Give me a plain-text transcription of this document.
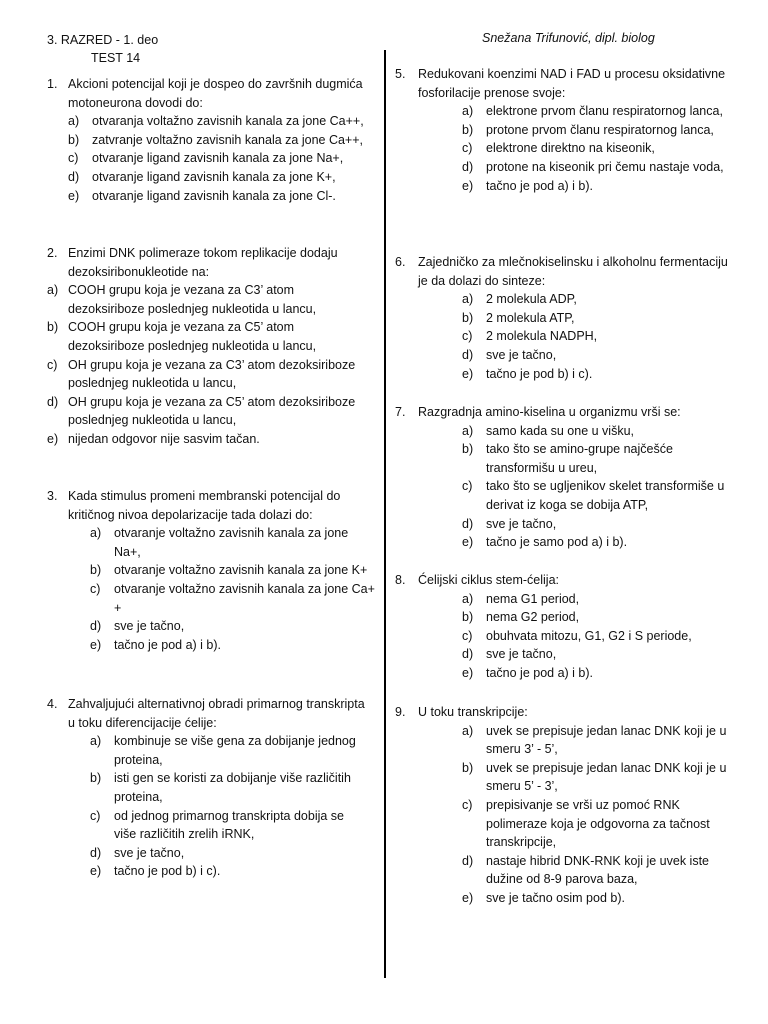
3. RAZRED - 1. deo
TEST 14
Snežana Trifunović, dipl. biolog
1. Akcioni potencijal koji je dospeo do završnih dugmića motoneurona dovodi do:
a)	otvaranja voltažno zavisnih kanala za jone Ca++,
b)	zatvranje voltažno zavisnih kanala za jone Ca++,
c)	otvaranje ligand zavisnih kanala za jone Na+,
d)	otvaranje ligand zavisnih kanala za jone K+,
e)	otvaranje ligand zavisnih kanala za jone Cl-.
2. Enzimi DNK polimeraze tokom replikacije dodaju dezoksiribonukleotide na:
a) COOH grupu koja je vezana za C3’ atom dezoksiriboze poslednjeg nukleotida u lancu,
b) COOH grupu koja je vezana za C5’ atom dezoksiriboze poslednjeg nukleotida u lancu,
c) OH grupu koja je vezana za C3’ atom dezoksiriboze poslednjeg nukleotida u lancu,
d) OH grupu koja je vezana za C5’ atom dezoksiriboze poslednjeg nukleotida u lancu,
e) nijedan odgovor nije sasvim tačan.
3. Kada stimulus promeni membranski potencijal do kritičnog nivoa depolarizacije tada dolazi do:
a)	otvaranje voltažno zavisnih kanala za jone Na+,
b)	otvaranje voltažno zavisnih kanala za jone K+
c)	otvaranje voltažno zavisnih kanala za jone Ca+ +
d)	sve je tačno,
e)	tačno je pod a) i b).
4. Zahvaljujući alternativnoj obradi primarnog transkripta u toku diferencijacije ćelije:
a)	kombinuje se više gena za dobijanje jednog proteina,
b)	isti gen se koristi za dobijanje više različitih proteina,
c)	od jednog primarnog transkripta dobija se više različitih zrelih iRNK,
d)	sve je tačno,
e)	tačno je pod b) i c).
5.	Redukovani koenzimi NAD i FAD u procesu oksidativne fosforilacije prenose svoje:
a)	elektrone prvom članu respiratornog lanca,
b)	protone prvom članu respiratornog lanca,
c)	elektrone direktno na kiseonik,
d)	protone na kiseonik pri čemu nastaje voda,
e)	tačno je pod a) i b).
6.	Zajedničko za mlečnokiselinsku i alkoholnu fermentaciju je da dolazi do sinteze:
a)	2 molekula ADP,
b)	2 molekula ATP,
c)	2 molekula NADPH,
d)	sve je tačno,
e)	tačno je pod b) i c).
7.	Razgradnja amino-kiselina u organizmu vrši se:
a)	samo kada su one u višku,
b)	tako što se amino-grupe najčešće transformišu u ureu,
c)	tako što se ugljenikov skelet transformiše u derivat iz koga se dobija ATP,
d)	sve je tačno,
e)	tačno je samo pod a) i b).
8.	Ćelijski ciklus stem-ćelija:
a)	nema G1 period,
b)	nema G2 period,
c)	obuhvata mitozu, G1, G2 i S periode,
d)	sve je tačno,
e)	tačno je pod a) i b).
9.	U toku transkripcije:
a)	uvek se prepisuje jedan lanac DNK koji je u smeru 3’ - 5’,
b)	uvek se prepisuje jedan lanac DNK koji je u smeru 5’ - 3’,
c)	prepisivanje se vrši uz pomoć RNK polimeraze koja je odgovorna za tačnost transkripcije,
d)	nastaje hibrid DNK-RNK koji je uvek iste dužine od 8-9 parova baza,
e)	sve je tačno osim pod b).
